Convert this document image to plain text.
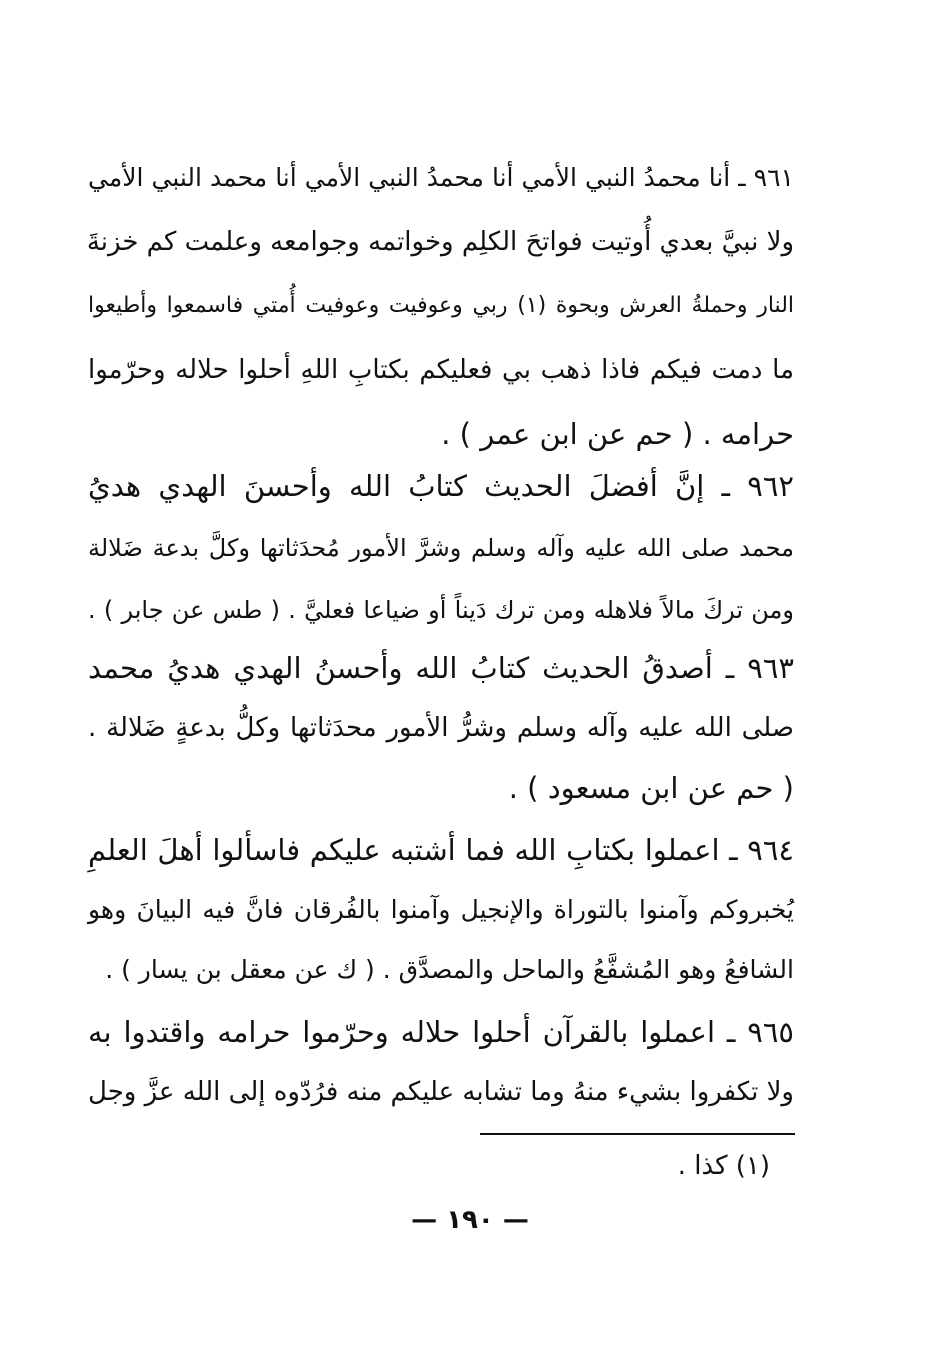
٩٦١ ـ أنا محمدُ النبي الأمي أنا محمدُ النبي الأمي أنا محمد النبي الأمي
ولا نبيَّ بعدي أُوتيت فواتحَ الكلِم وخواتمه وجوامعه وعلمت كم خزنةَ
النار وحملةُ العرش وبحوة (١) ربي وعوفيت وعوفيت أُمتي فاسمعوا وأطيعوا
ما دمت فيكم فاذا ذهب بي فعليكم بكتابِ اللهِ أحلوا حلاله وحرّموا
حرامه . ( حم عن ابن عمر ) .
٩٦٢ ـ إنَّ أفضلَ الحديث كتابُ الله وأحسنَ الهدي هديُ
محمد صلى الله عليه وآله وسلم وشرَّ الأمور مُحدَثاتها وكلَّ بدعة ضَلالة
ومن تركَ مالاً فلاهله ومن ترك دَيناً أو ضياعا فعليَّ . ( طس عن جابر ) .
٩٦٣ ـ أصدقُ الحديث كتابُ الله وأحسنُ الهدي هديُ محمد
صلى الله عليه وآله وسلم وشرُّ الأمور محدَثاتها وكلُّ بدعةٍ ضَلالة .
( حم عن ابن مسعود ) .
٩٦٤ ـ اعملوا بكتابِ الله فما أشتبه عليكم فاسألوا أهلَ العلمِ
يُخبروكم وآمنوا بالتوراة والإنجيل وآمنوا بالفُرقان فانَّ فيه البيانَ وهو
الشافعُ وهو المُشفَّعُ والماحل والمصدَّق . ( ك عن معقل بن يسار ) .
٩٦٥ ـ اعملوا بالقرآن أحلوا حلاله وحرّموا حرامه واقتدوا به
ولا تكفروا بشيء منهُ وما تشابه عليكم منه فرُدّوه إلى الله عزَّ وجل
(١) كذا .
— ١٩٠ —
